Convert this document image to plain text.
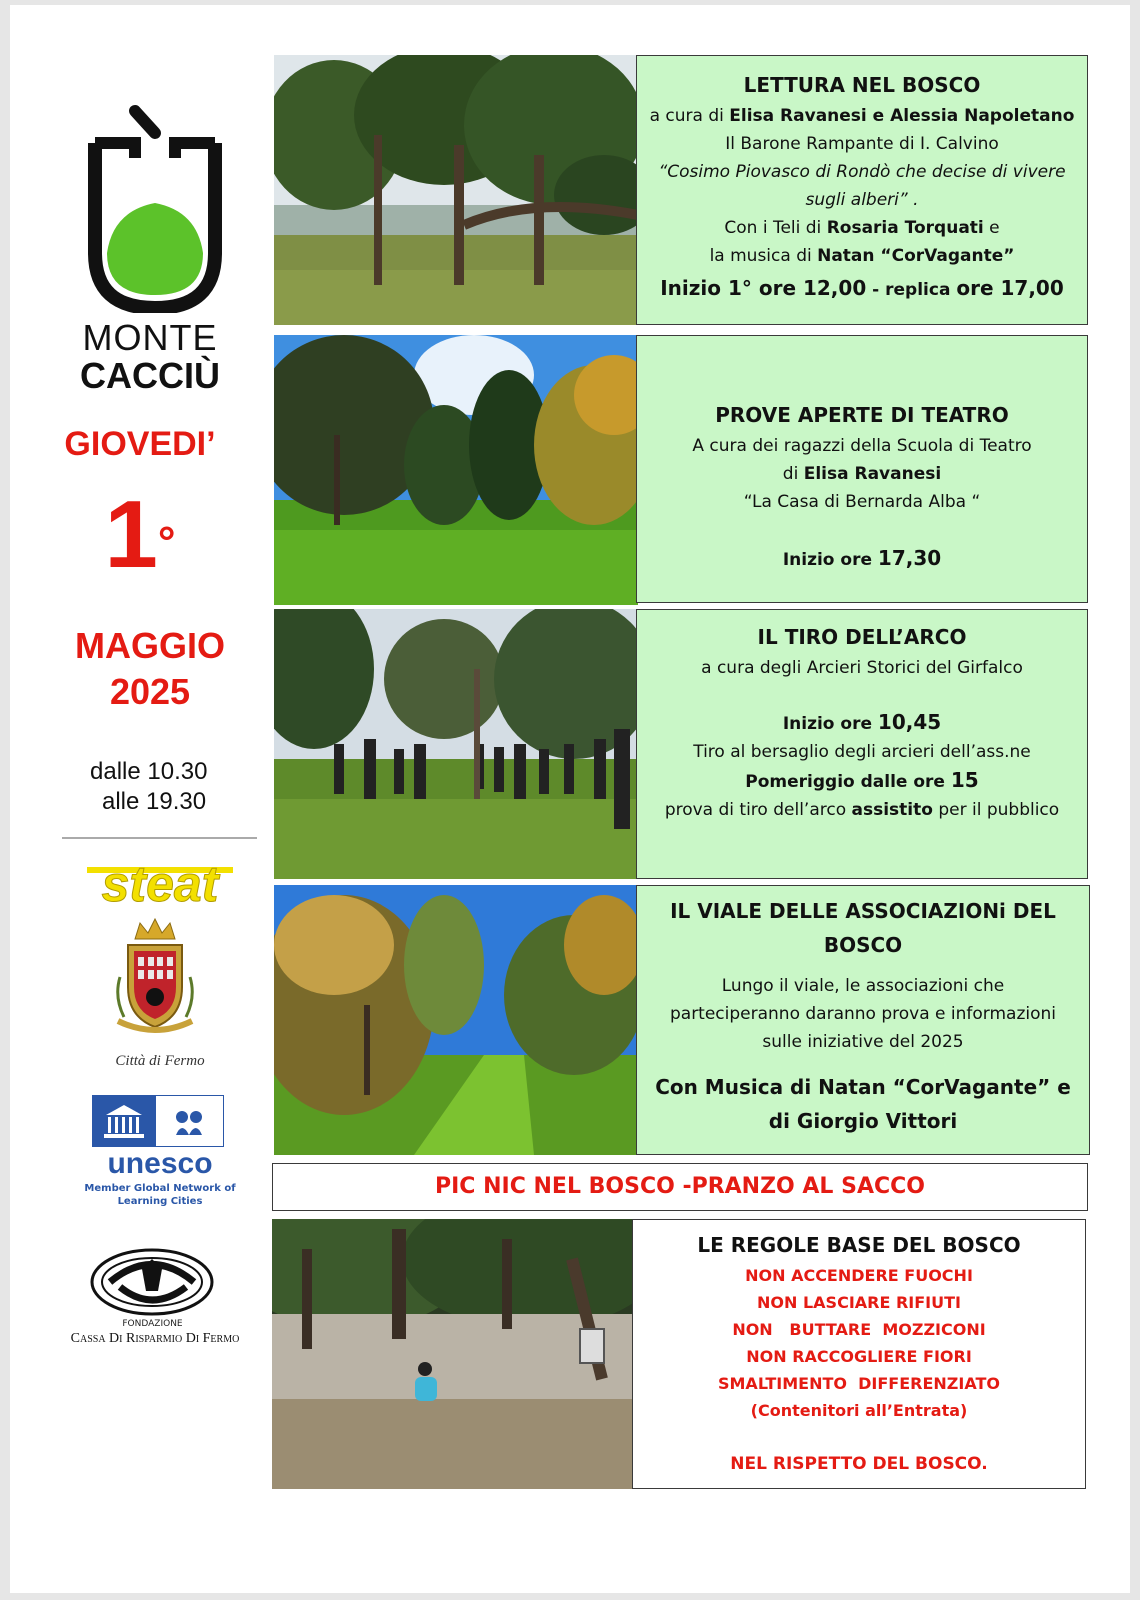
MONTE
CACCIÙ
GIOVEDI’
1°
MAGGIO
2025
dalle 10.30
alle 19.30
steat
Città di Fermo
unesco
Member Global Network of
Learning Cities
FONDAZIONE
Cassa Di Risparmio Di Fermo
LETTURA NEL BOSCO
a cura di Elisa Ravanesi e Alessia Napoletano
Il Barone Rampante di I. Calvino
“Cosimo Piovasco di Rondò che decise di vivere
sugli alberi” .
Con i Teli di Rosaria Torquati e
la musica di Natan “CorVagante”
Inizio 1° ore 12,00 - replica ore 17,00
PROVE APERTE DI TEATRO
A cura dei ragazzi della Scuola di Teatro
di Elisa Ravanesi
“La Casa di Bernarda Alba “
Inizio ore 17,30
IL TIRO DELL’ARCO
a cura degli Arcieri Storici del Girfalco
Inizio ore 10,45
Tiro al bersaglio degli arcieri dell’ass.ne
Pomeriggio dalle ore 15
prova di tiro dell’arco assistito per il pubblico
IL VIALE DELLE ASSOCIAZIONi DEL
BOSCO
Lungo il viale, le associazioni che
parteciperanno daranno prova e informazioni
sulle iniziative del 2025
Con Musica di Natan “CorVagante” e
di Giorgio Vittori
PIC NIC NEL BOSCO -PRANZO AL SACCO
LE REGOLE BASE DEL BOSCO
NON ACCENDERE FUOCHI
NON LASCIARE RIFIUTI
NON   BUTTARE  MOZZICONI
NON RACCOGLIERE FIORI
SMALTIMENTO  DIFFERENZIATO
(Contenitori all’Entrata)
NEL RISPETTO DEL BOSCO.
